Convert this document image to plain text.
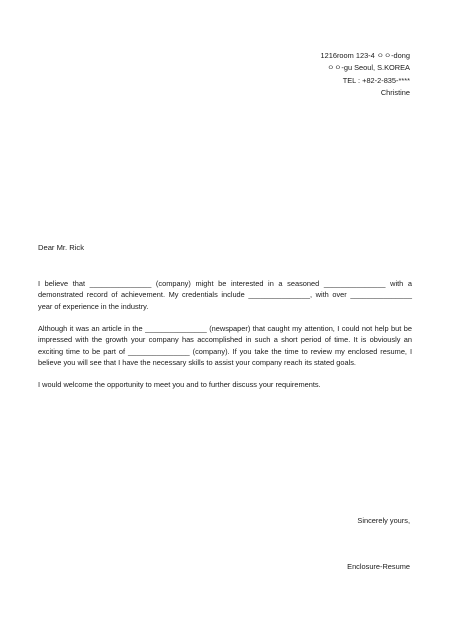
1216room 123-4 ㅇㅇ-dong
ㅇㅇ-gu Seoul, S.KOREA
TEL : +82-2-835-****
Christine
Dear Mr. Rick

I believe that _______________ (company) might be interested in a seasoned _______________ with a demonstrated record of achievement. My credentials include _______________, with over _______________ year of experience in the industry.

Although it was an article in the _______________ (newspaper) that caught my attention, I could not help but be impressed with the growth your company has accomplished in such a short period of time. It is obviously an exciting time to be part of _______________ (company). If you take the time to review my enclosed resume, I believe you will see that I have the necessary skills to assist your company reach its stated goals.

I would welcome the opportunity to meet you and to further discuss your requirements.

Sincerely yours,
Enclosure-Resume
